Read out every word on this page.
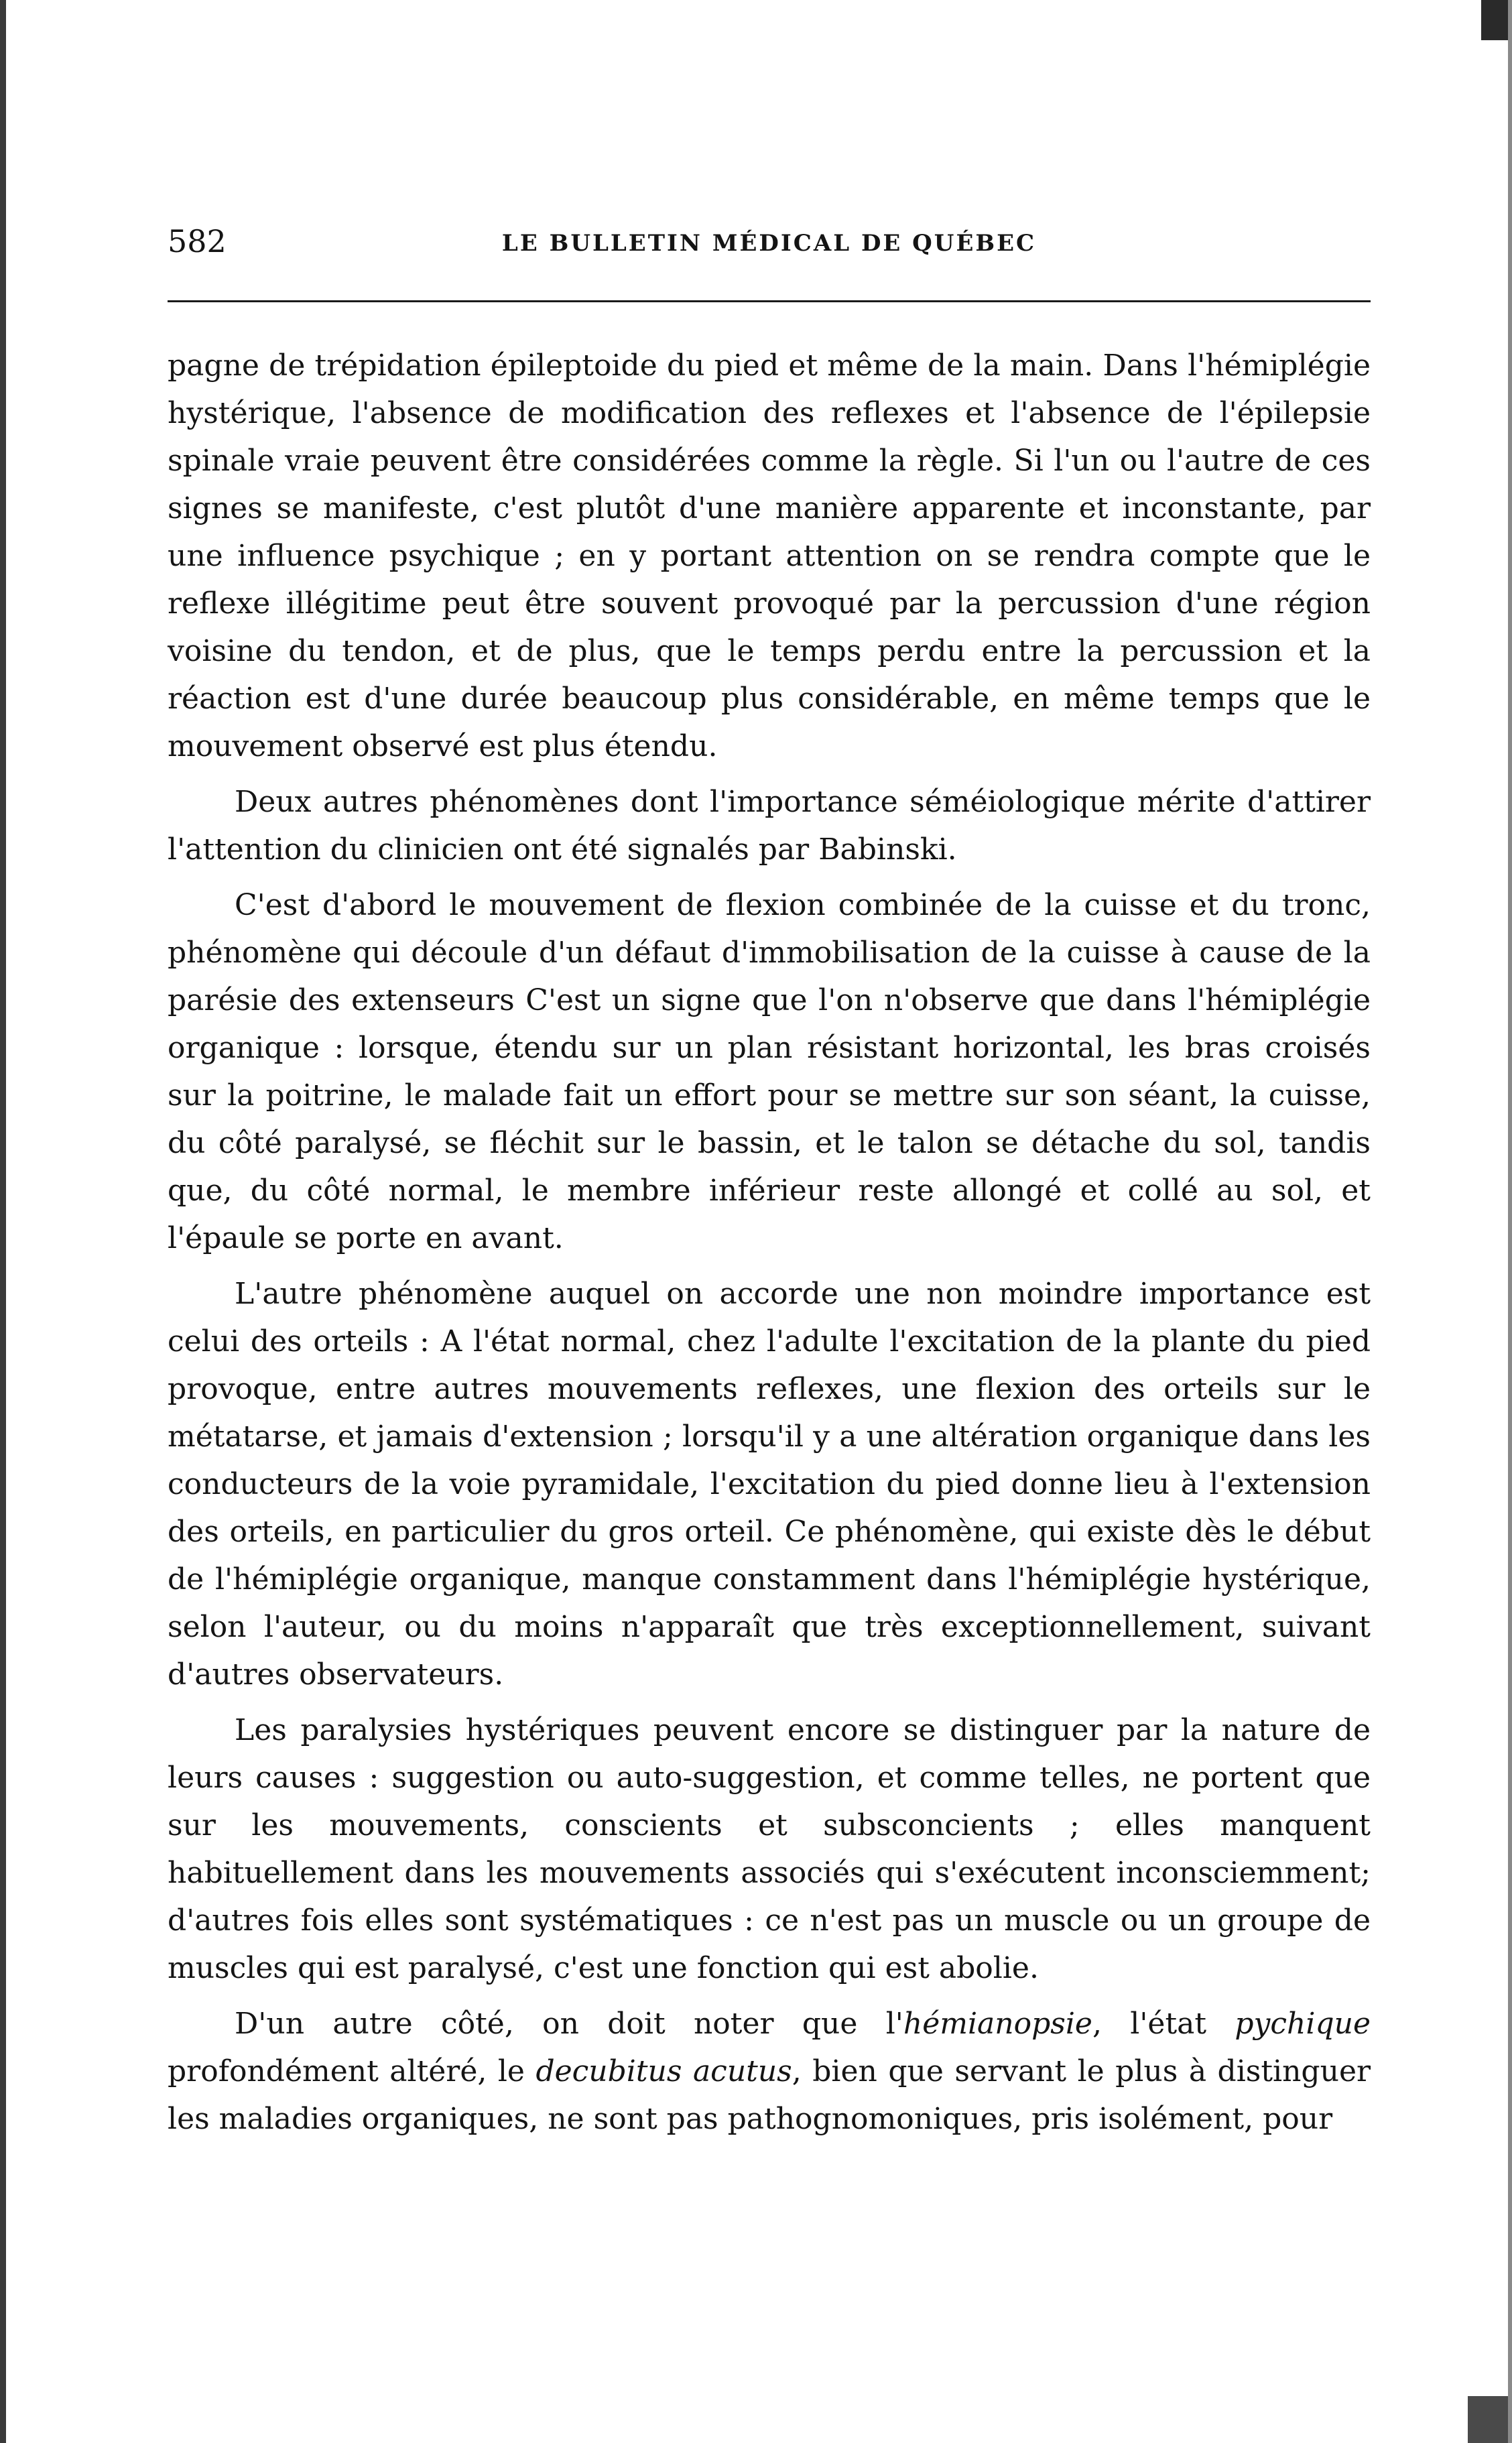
582	LE BULLETIN MÉDICAL DE QUÉBEC

pagne de trépidation épileptoide du pied et même de la main. Dans l'hémiplégie hystérique, l'absence de modification des reflexes et l'absence de l'épilepsie spinale vraie peuvent être considérées comme la règle. Si l'un ou l'autre de ces signes se manifeste, c'est plutôt d'une manière apparente et inconstante, par une influence psychique ; en y portant attention on se rendra compte que le reflexe illégitime peut être souvent provoqué par la percussion d'une région voisine du tendon, et de plus, que le temps perdu entre la percussion et la réaction est d'une durée beaucoup plus considérable, en même temps que le mouvement observé est plus étendu.

Deux autres phénomènes dont l'importance séméiologique mérite d'attirer l'attention du clinicien ont été signalés par Babinski.

C'est d'abord le mouvement de flexion combinée de la cuisse et du tronc, phénomène qui découle d'un défaut d'immobilisation de la cuisse à cause de la parésie des extenseurs C'est un signe que l'on n'observe que dans l'hémiplégie organique : lorsque, étendu sur un plan résistant horizontal, les bras croisés sur la poitrine, le malade fait un effort pour se mettre sur son séant, la cuisse, du côté paralysé, se fléchit sur le bassin, et le talon se détache du sol, tandis que, du côté normal, le membre inférieur reste allongé et collé au sol, et l'épaule se porte en avant.

L'autre phénomène auquel on accorde une non moindre importance est celui des orteils : A l'état normal, chez l'adulte l'excitation de la plante du pied provoque, entre autres mouvements reflexes, une flexion des orteils sur le métatarse, et jamais d'extension ; lorsqu'il y a une altération organique dans les conducteurs de la voie pyramidale, l'excitation du pied donne lieu à l'extension des orteils, en particulier du gros orteil. Ce phénomène, qui existe dès le début de l'hémiplégie organique, manque constamment dans l'hémiplégie hystérique, selon l'auteur, ou du moins n'apparaît que très exceptionnellement, suivant d'autres observateurs.

Les paralysies hystériques peuvent encore se distinguer par la nature de leurs causes : suggestion ou auto-suggestion, et comme telles, ne portent que sur les mouvements, conscients et subsconcients ; elles manquent habituellement dans les mouvements associés qui s'exécutent inconsciemment; d'autres fois elles sont systématiques : ce n'est pas un muscle ou un groupe de muscles qui est paralysé, c'est une fonction qui est abolie.

D'un autre côté, on doit noter que l'hémianopsie, l'état pychique profondément altéré, le decubitus acutus, bien que servant le plus à distinguer les maladies organiques, ne sont pas pathognomoniques, pris isolément, pour
